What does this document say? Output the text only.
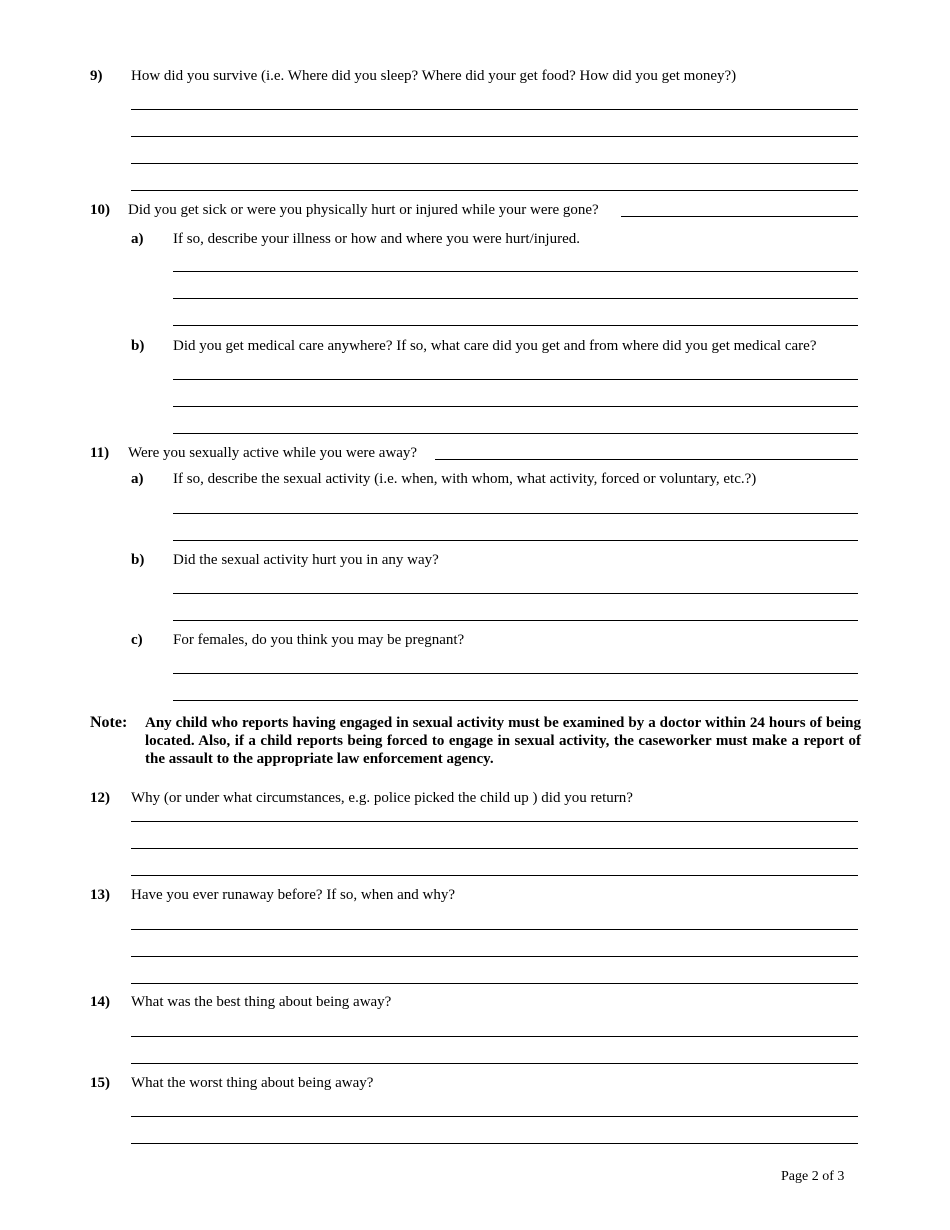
9) How did you survive (i.e. Where did you sleep? Where did your get food? How did you get money?)
10) Did you get sick or were you physically hurt or injured while your were gone?
a) If so, describe your illness or how and where you were hurt/injured.
b) Did you get medical care anywhere? If so, what care did you get and from where did you get medical care?
11) Were you sexually active while you were away?
a) If so, describe the sexual activity (i.e. when, with whom, what activity, forced or voluntary, etc.?)
b) Did the sexual activity hurt you in any way?
c) For females, do you think you may be pregnant?
Note: Any child who reports having engaged in sexual activity must be examined by a doctor within 24 hours of being located. Also, if a child reports being forced to engage in sexual activity, the caseworker must make a report of the assault to the appropriate law enforcement agency.
12) Why (or under what circumstances, e.g. police picked the child up ) did you return?
13) Have you ever runaway before? If so, when and why?
14) What was the best thing about being away?
15) What the worst thing about being away?
Page 2 of 3
